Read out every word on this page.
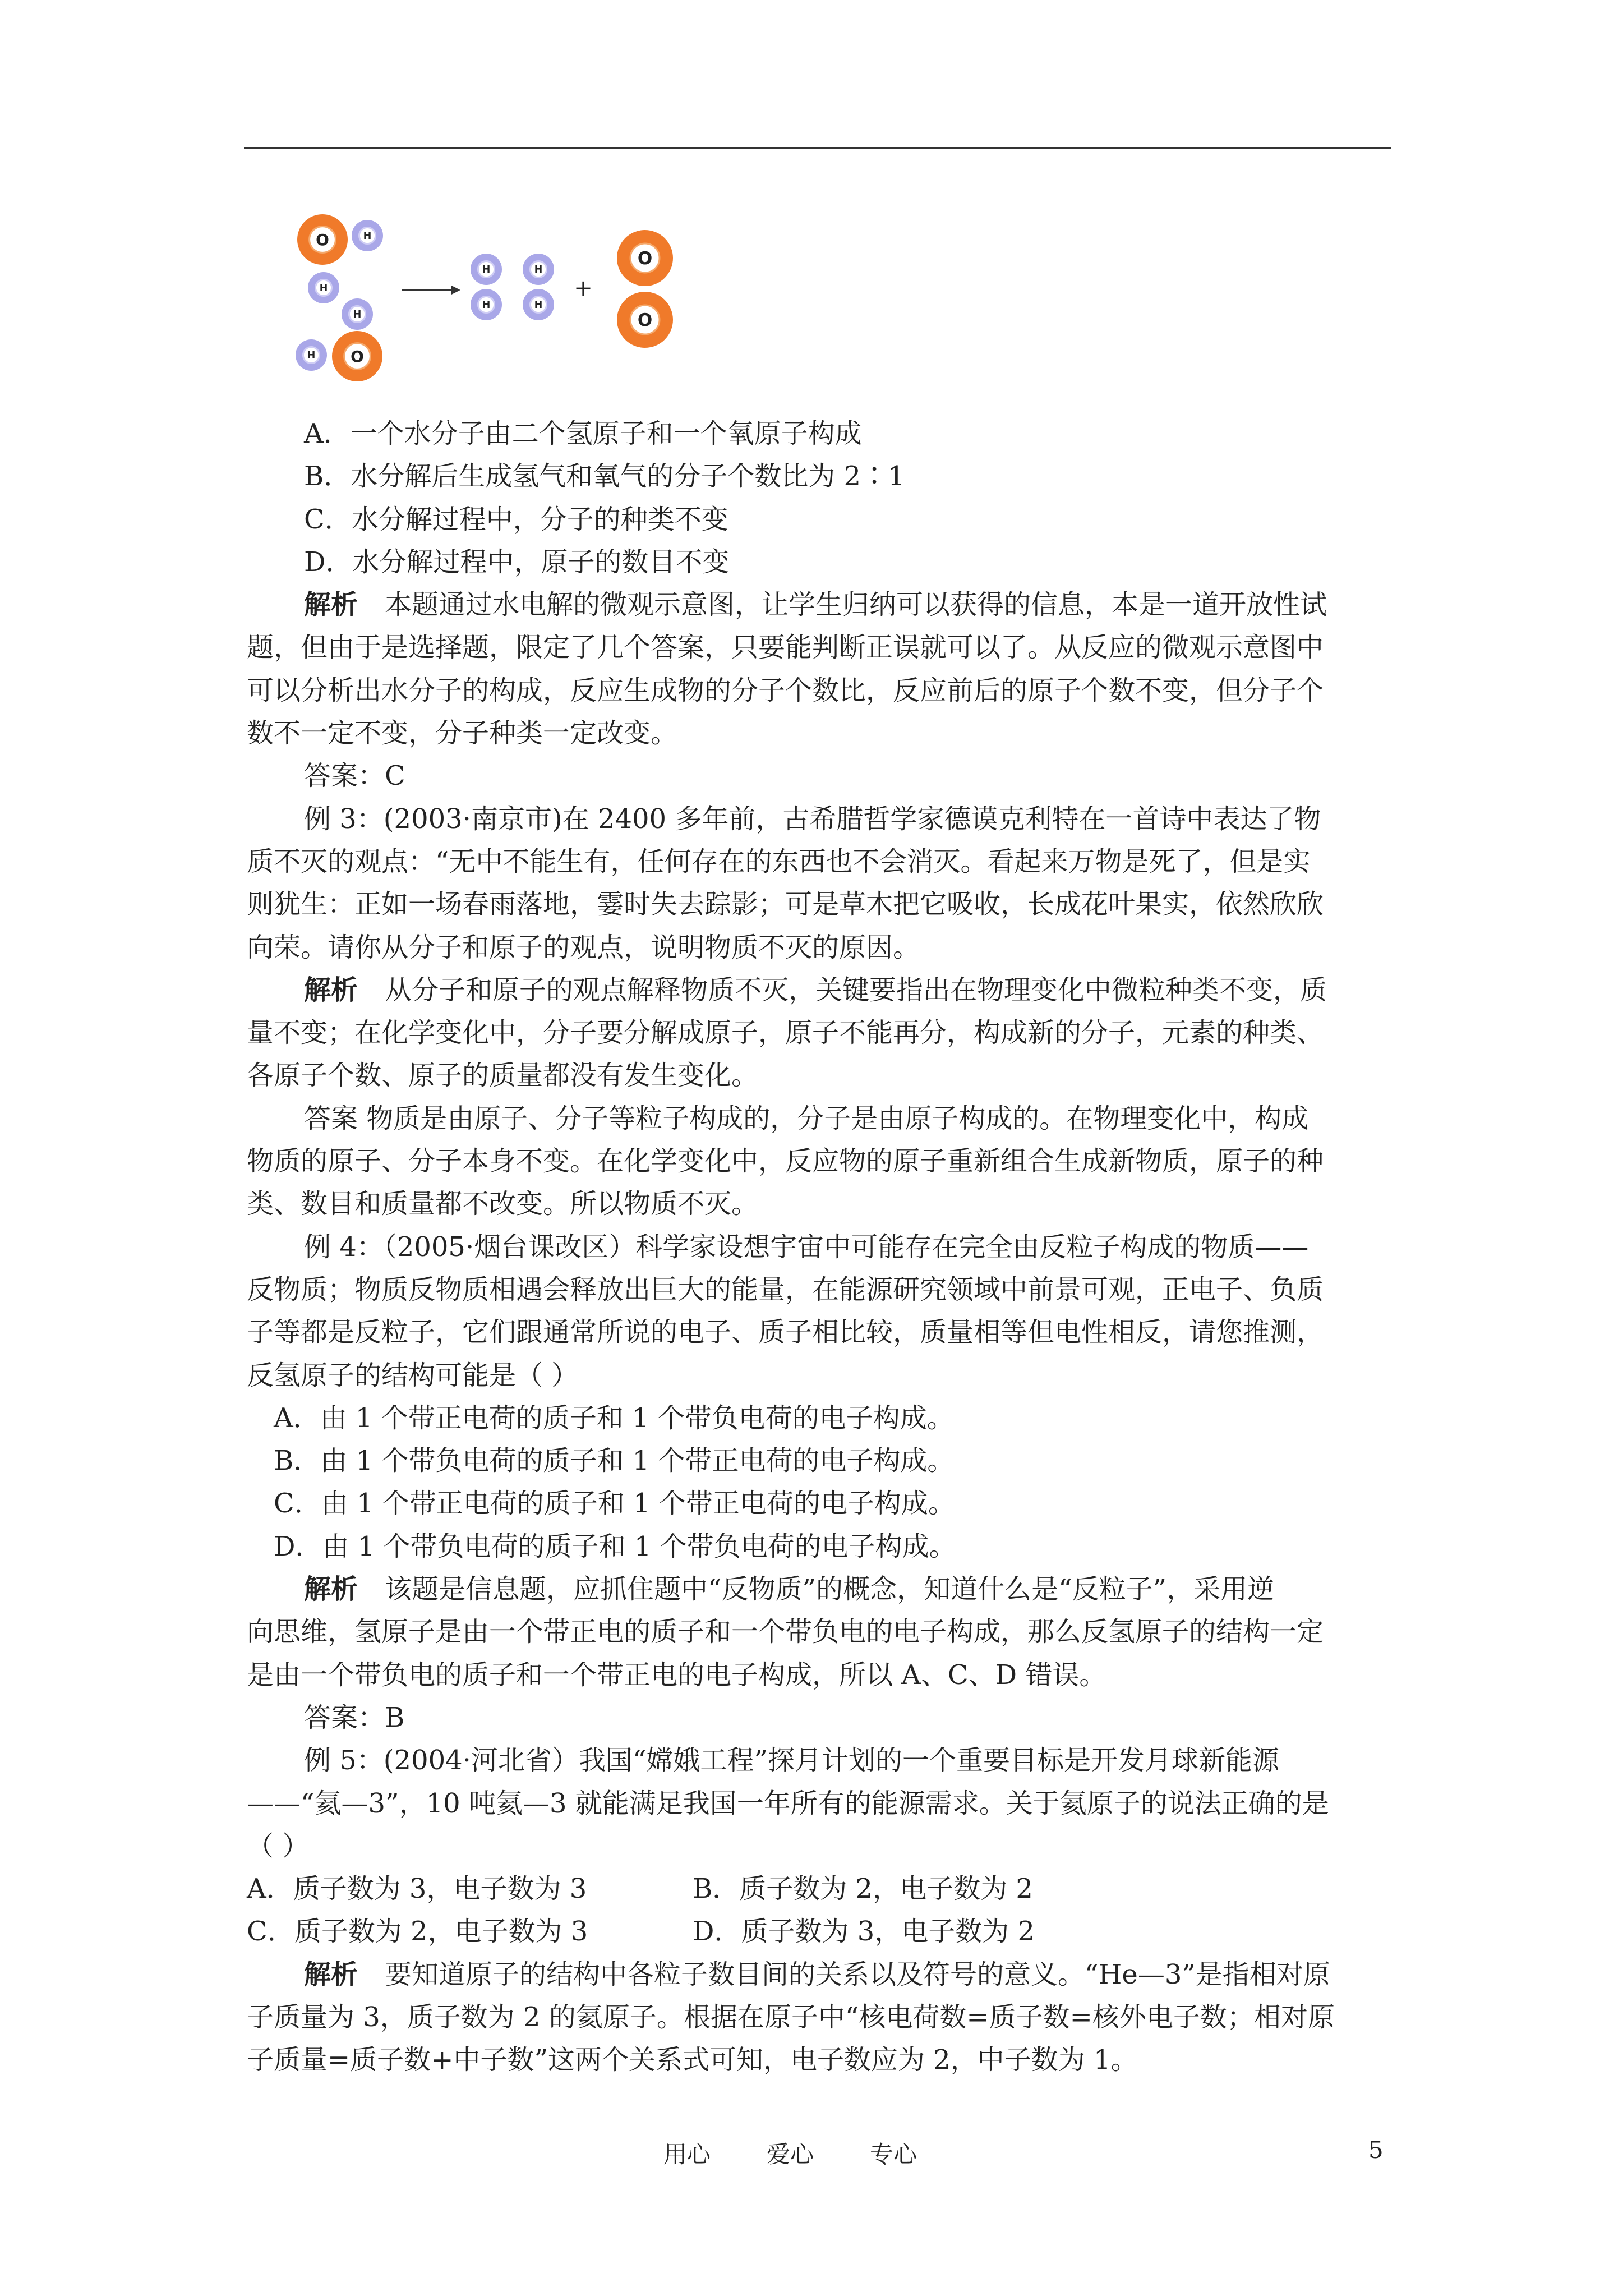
O	H
H
H
H O
H
H
H
H
+
O
O
A．一个水分子由二个氢原子和一个氧原子构成
B．水分解后生成氢气和氧气的分子个数比为 2∶1
C．水分解过程中，分子的种类不变
D．水分解过程中，原子的数目不变
解析 本题通过水电解的微观示意图，让学生归纳可以获得的信息，本是一道开放性试
题，但由于是选择题，限定了几个答案，只要能判断正误就可以了。从反应的微观示意图中
可以分析出水分子的构成，反应生成物的分子个数比，反应前后的原子个数不变，但分子个
数不一定不变，分子种类一定改变。
答案：C
例 3：(2003·南京市)在 2400 多年前，古希腊哲学家德谟克利特在一首诗中表达了物
质不灭的观点：“无中不能生有，任何存在的东西也不会消灭。看起来万物是死了，但是实
则犹生：正如一场春雨落地，霎时失去踪影；可是草木把它吸收，长成花叶果实，依然欣欣
向荣。请你从分子和原子的观点，说明物质不灭的原因。
解析 从分子和原子的观点解释物质不灭，关键要指出在物理变化中微粒种类不变，质
量不变；在化学变化中，分子要分解成原子，原子不能再分，构成新的分子，元素的种类、
各原子个数、原子的质量都没有发生变化。
答案 物质是由原子、分子等粒子构成的，分子是由原子构成的。在物理变化中，构成
物质的原子、分子本身不变。在化学变化中，反应物的原子重新组合生成新物质，原子的种
类、数目和质量都不改变。所以物质不灭。
例 4：（2005·烟台课改区）科学家设想宇宙中可能存在完全由反粒子构成的物质——
反物质；物质反物质相遇会释放出巨大的能量，在能源研究领域中前景可观，正电子、负质
子等都是反粒子，它们跟通常所说的电子、质子相比较，质量相等但电性相反，请您推测，
反氢原子的结构可能是（ ）
A．由 1 个带正电荷的质子和 1 个带负电荷的电子构成。
B．由 1 个带负电荷的质子和 1 个带正电荷的电子构成。
C．由 1 个带正电荷的质子和 1 个带正电荷的电子构成。
D．由 1 个带负电荷的质子和 1 个带负电荷的电子构成。
解析 该题是信息题，应抓住题中“反物质”的概念，知道什么是“反粒子”，采用逆
向思维，氢原子是由一个带正电的质子和一个带负电的电子构成，那么反氢原子的结构一定
是由一个带负电的质子和一个带正电的电子构成，所以 A、C、D 错误。
答案：B
例 5：(2004·河北省）我国“嫦娥工程”探月计划的一个重要目标是开发月球新能源
——“氦—3”，10 吨氦—3 就能满足我国一年所有的能源需求。关于氦原子的说法正确的是
（ ）
A．质子数为 3，电子数为 3	B．质子数为 2，电子数为 2
C．质子数为 2，电子数为 3	D．质子数为 3，电子数为 2
解析 要知道原子的结构中各粒子数目间的关系以及符号的意义。“He—3”是指相对原
子质量为 3，质子数为 2 的氦原子。根据在原子中“核电荷数=质子数=核外电子数；相对原
子质量=质子数+中子数”这两个关系式可知，电子数应为 2，中子数为 1。
用心 爱心 专心	5
